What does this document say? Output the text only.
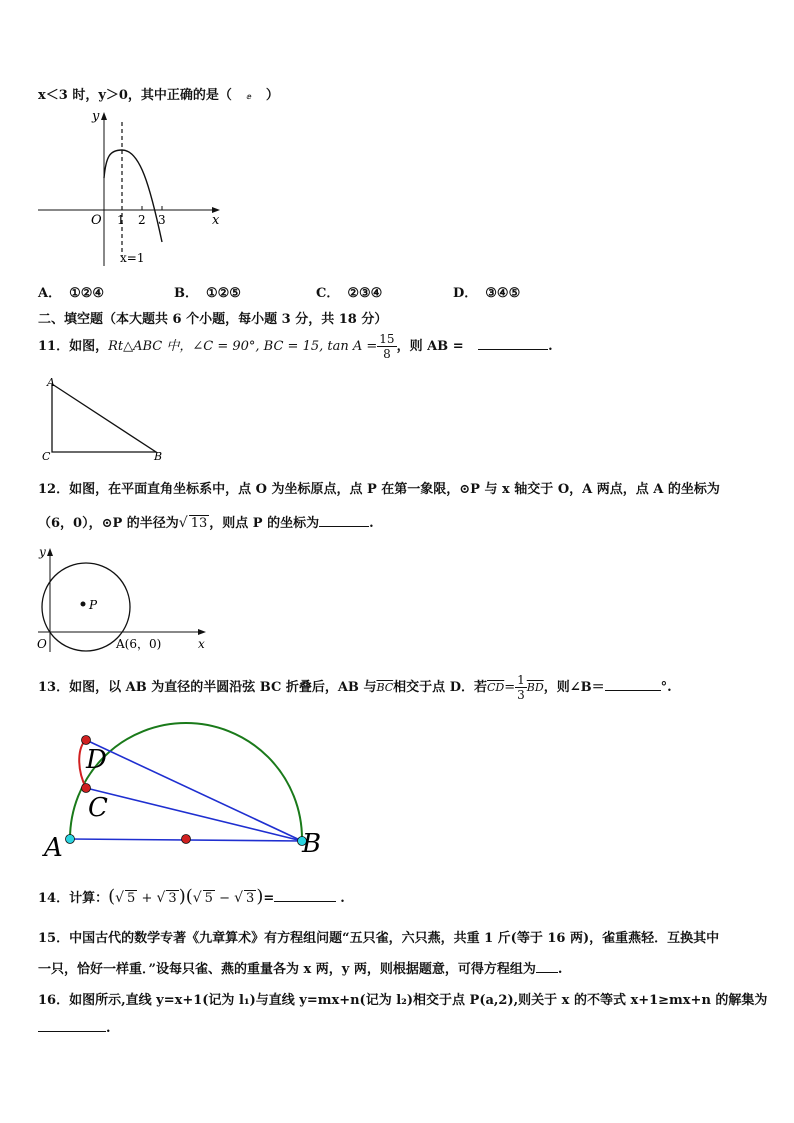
x＜3 时，y＞0，其中正确的是（ ⅇ ）
y
x
O 1 2 3
x=1
A． ①②④	B． ①②⑤	C． ②③④	D． ③④⑤
二、填空题（本大题共 6 个小题，每小题 3 分，共 18 分）
11．如图，Rt△ABC 中，∠C = 90°, BC = 15, $\tan A = \frac{15}{8}$ ，则 AB =	.
A
C	B
12．如图，在平面直角坐标系中，点 O 为坐标原点，点 P 在第一象限，⊙P 与 x 轴交于 O，A 两点，点 A 的坐标为
（6，0），⊙P 的半径为√ 13 ，则点 P 的坐标为	.
y
x
O
P
A(6，0)
13．如图，以 AB 为直径的半圆沿弦 BC 折叠后，AB 与$\overline{BC}$相交于点 D．若$\overline{CD}= \frac{1}{3} \overline{BD}$，则∠B＝	°.
D
C
A	B
14．计算：(√ 5 + √ 3 )(√ 5 − √ 3 )=	.
15．中国古代的数学专著《九章算术》有方程组问题“五只雀，六只燕，共重 1 斤(等于 16 两)，雀重燕轻．互换其中
一只，恰好一样重．”设每只雀、燕的重量各为 x 两，y 两，则根据题意，可得方程组为 .
16．如图所示,直线 y=x+1(记为 l₁)与直线 y=mx+n(记为 l₂)相交于点 P(a,2),则关于 x 的不等式 x+1≥mx+n 的解集为
.
